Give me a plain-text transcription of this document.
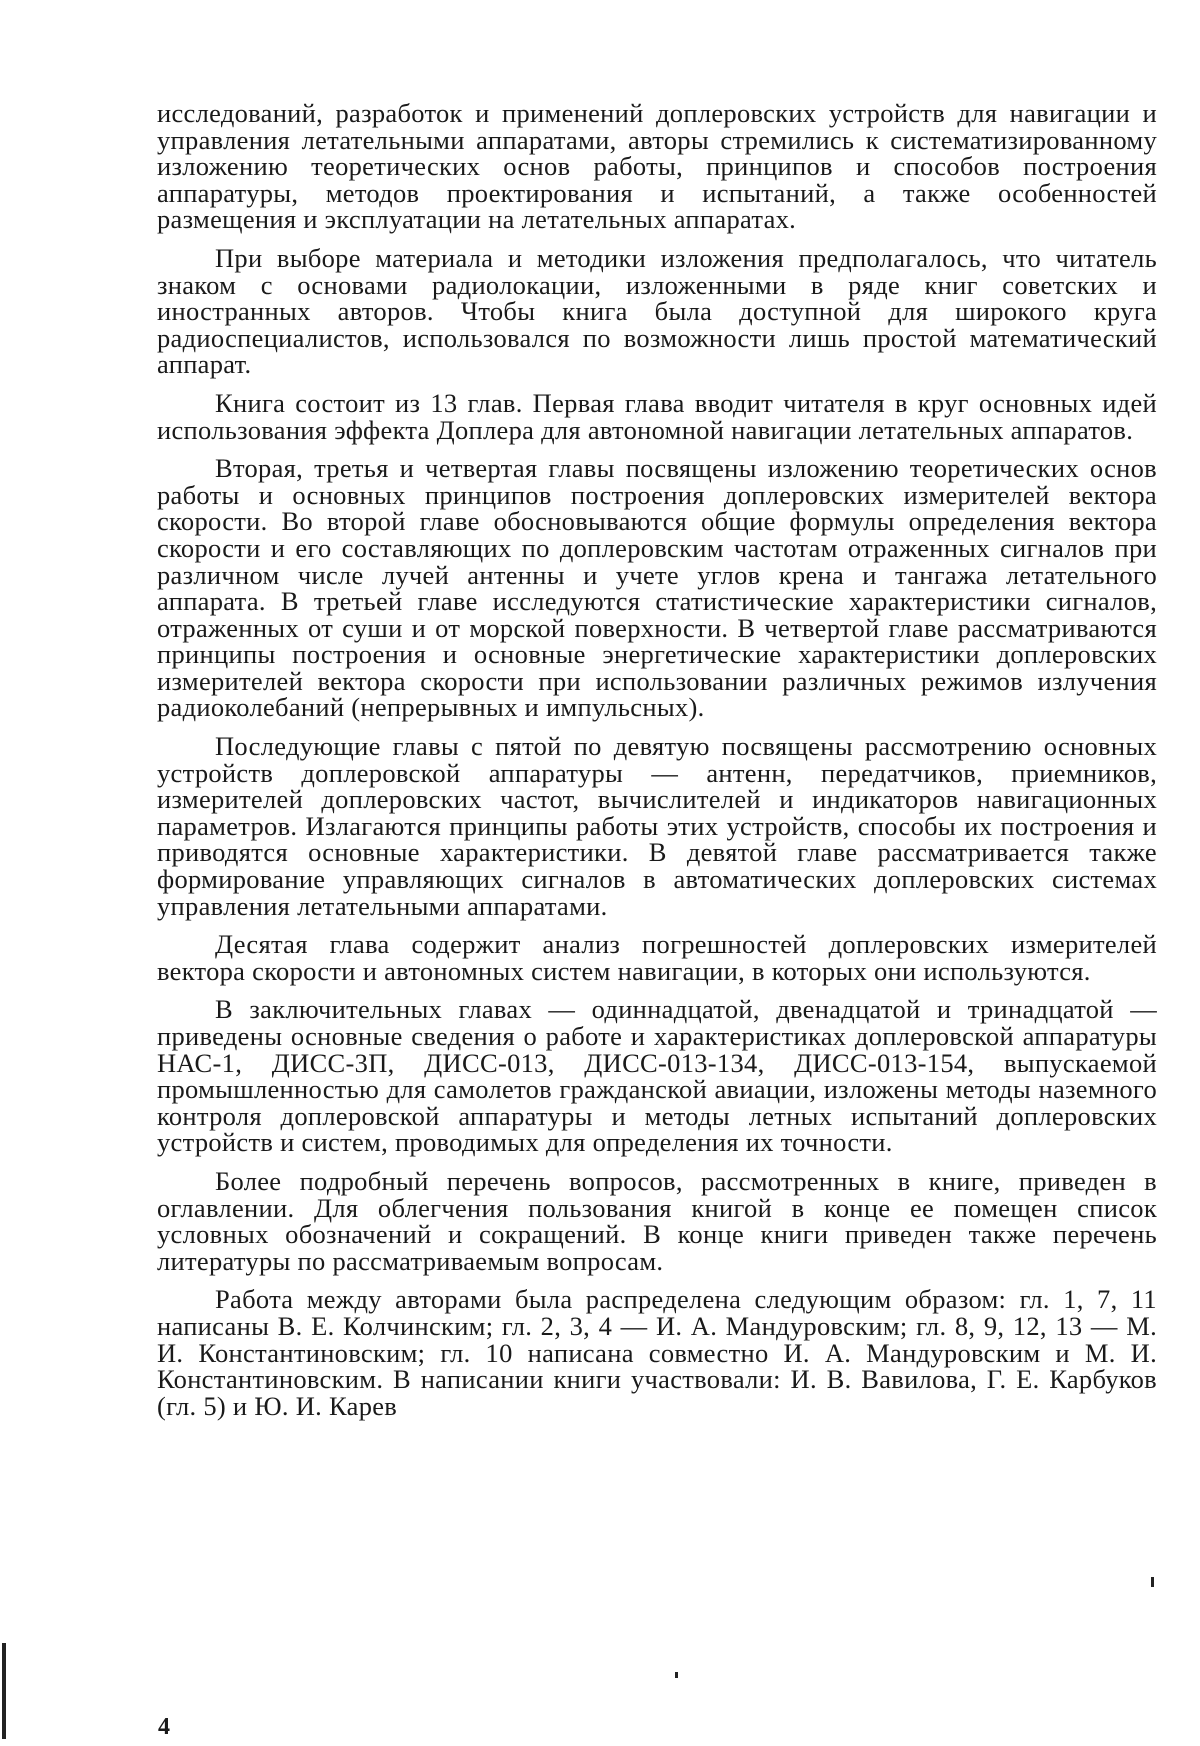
исследований, разработок и применений доплеровских устройств для навигации и управления летательными аппаратами, авторы стремились к систематизированному изложению теоретических основ работы, принципов и способов построения аппаратуры, методов проектирования и испытаний, а также особенностей размещения и эксплуатации на летательных аппаратах.

При выборе материала и методики изложения предполагалось, что читатель знаком с основами радиолокации, изложенными в ряде книг советских и иностранных авторов. Чтобы книга была доступной для широкого круга радиоспециалистов, использовался по возможности лишь простой математический аппарат.

Книга состоит из 13 глав. Первая глава вводит читателя в круг основных идей использования эффекта Доплера для автономной навигации летательных аппаратов.

Вторая, третья и четвертая главы посвящены изложению теоретических основ работы и основных принципов построения доплеровских измерителей вектора скорости. Во второй главе обосновываются общие формулы определения вектора скорости и его составляющих по доплеровским частотам отраженных сигналов при различном числе лучей антенны и учете углов крена и тангажа летательного аппарата. В третьей главе исследуются статистические характеристики сигналов, отраженных от суши и от морской поверхности. В четвертой главе рассматриваются принципы построения и основные энергетические характеристики доплеровских измерителей вектора скорости при использовании различных режимов излучения радиоколебаний (непрерывных и импульсных).

Последующие главы с пятой по девятую посвящены рассмотрению основных устройств доплеровской аппаратуры — антенн, передатчиков, приемников, измерителей доплеровских частот, вычислителей и индикаторов навигационных параметров. Излагаются принципы работы этих устройств, способы их построения и приводятся основные характеристики. В девятой главе рассматривается также формирование управляющих сигналов в автоматических доплеровских системах управления летательными аппаратами.

Десятая глава содержит анализ погрешностей доплеровских измерителей вектора скорости и автономных систем навигации, в которых они используются.

В заключительных главах — одиннадцатой, двенадцатой и тринадцатой — приведены основные сведения о работе и характеристиках доплеровской аппаратуры НАС-1, ДИСС-3П, ДИСС-013, ДИСС-013-134, ДИСС-013-154, выпускаемой промышленностью для самолетов гражданской авиации, изложены методы наземного контроля доплеровской аппаратуры и методы летных испытаний доплеровских устройств и систем, проводимых для определения их точности.

Более подробный перечень вопросов, рассмотренных в книге, приведен в оглавлении. Для облегчения пользования книгой в конце ее помещен список условных обозначений и сокращений. В конце книги приведен также перечень литературы по рассматриваемым вопросам.

Работа между авторами была распределена следующим образом: гл. 1, 7, 11 написаны В. Е. Колчинским; гл. 2, 3, 4 — И. А. Мандуровским; гл. 8, 9, 12, 13 — М. И. Константиновским; гл. 10 написана совместно И. А. Мандуровским и М. И. Константиновским. В написании книги участвовали: И. В. Вавилова, Г. Е. Карбуков (гл. 5) и Ю. И. Карев

4
